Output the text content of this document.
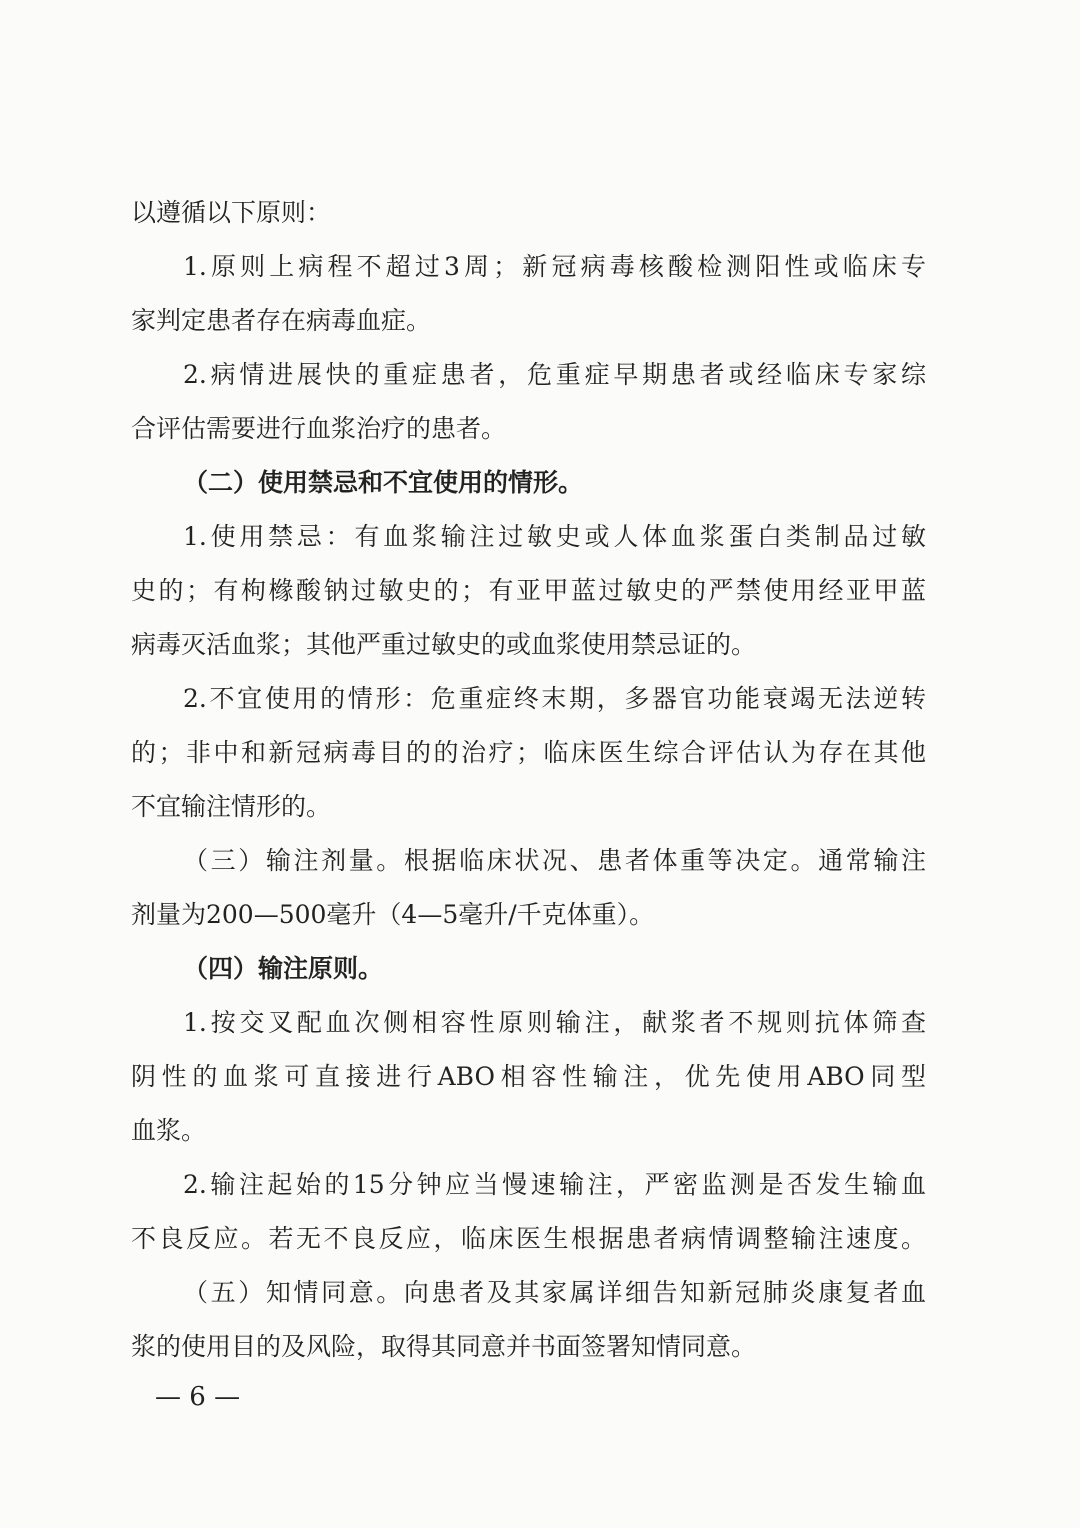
以遵循以下原则：
1.原则上病程不超过3周；新冠病毒核酸检测阳性或临床专
家判定患者存在病毒血症。
2.病情进展快的重症患者，危重症早期患者或经临床专家综
合评估需要进行血浆治疗的患者。
（二）使用禁忌和不宜使用的情形。
1.使用禁忌：有血浆输注过敏史或人体血浆蛋白类制品过敏
史的；有枸橼酸钠过敏史的；有亚甲蓝过敏史的严禁使用经亚甲蓝
病毒灭活血浆；其他严重过敏史的或血浆使用禁忌证的。
2.不宜使用的情形：危重症终末期，多器官功能衰竭无法逆转
的；非中和新冠病毒目的的治疗；临床医生综合评估认为存在其他
不宜输注情形的。
（三）输注剂量。根据临床状况、患者体重等决定。通常输注
剂量为200—500毫升（4—5毫升/千克体重）。
（四）输注原则。
1.按交叉配血次侧相容性原则输注，献浆者不规则抗体筛查
阴性的血浆可直接进行ABO相容性输注，优先使用ABO同型
血浆。
2.输注起始的15分钟应当慢速输注，严密监测是否发生输血
不良反应。若无不良反应，临床医生根据患者病情调整输注速度。
（五）知情同意。向患者及其家属详细告知新冠肺炎康复者血
浆的使用目的及风险，取得其同意并书面签署知情同意。
— 6 —
